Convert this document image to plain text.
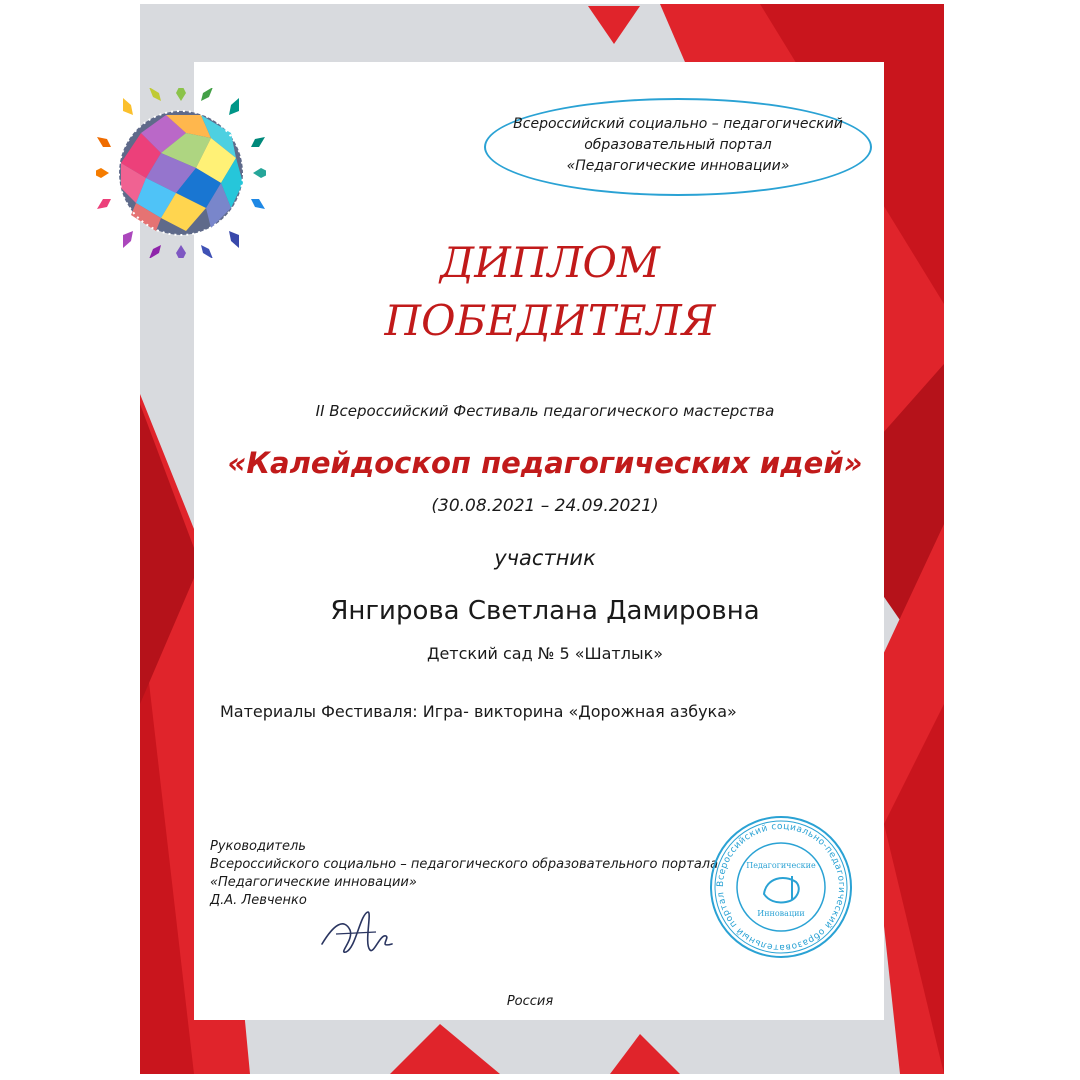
Всероссийский социально – педагогический
образовательный портал
«Педагогические инновации»
ДИПЛОМ
ПОБЕДИТЕЛЯ
II Всероссийский Фестиваль педагогического мастерства
«Калейдоскоп педагогических идей»
(30.08.2021 – 24.09.2021)
участник
Янгирова Светлана Дамировна
Детский сад № 5 «Шатлык»
Материалы Фестиваля: Игра- викторина «Дорожная азбука»
Руководитель
Всероссийского социально – педагогического образовательного портала
«Педагогические инновации»
Д.А. Левченко
Всероссийский социально-педагогический образовательный портал
Педагогические
Инновации
Россия
